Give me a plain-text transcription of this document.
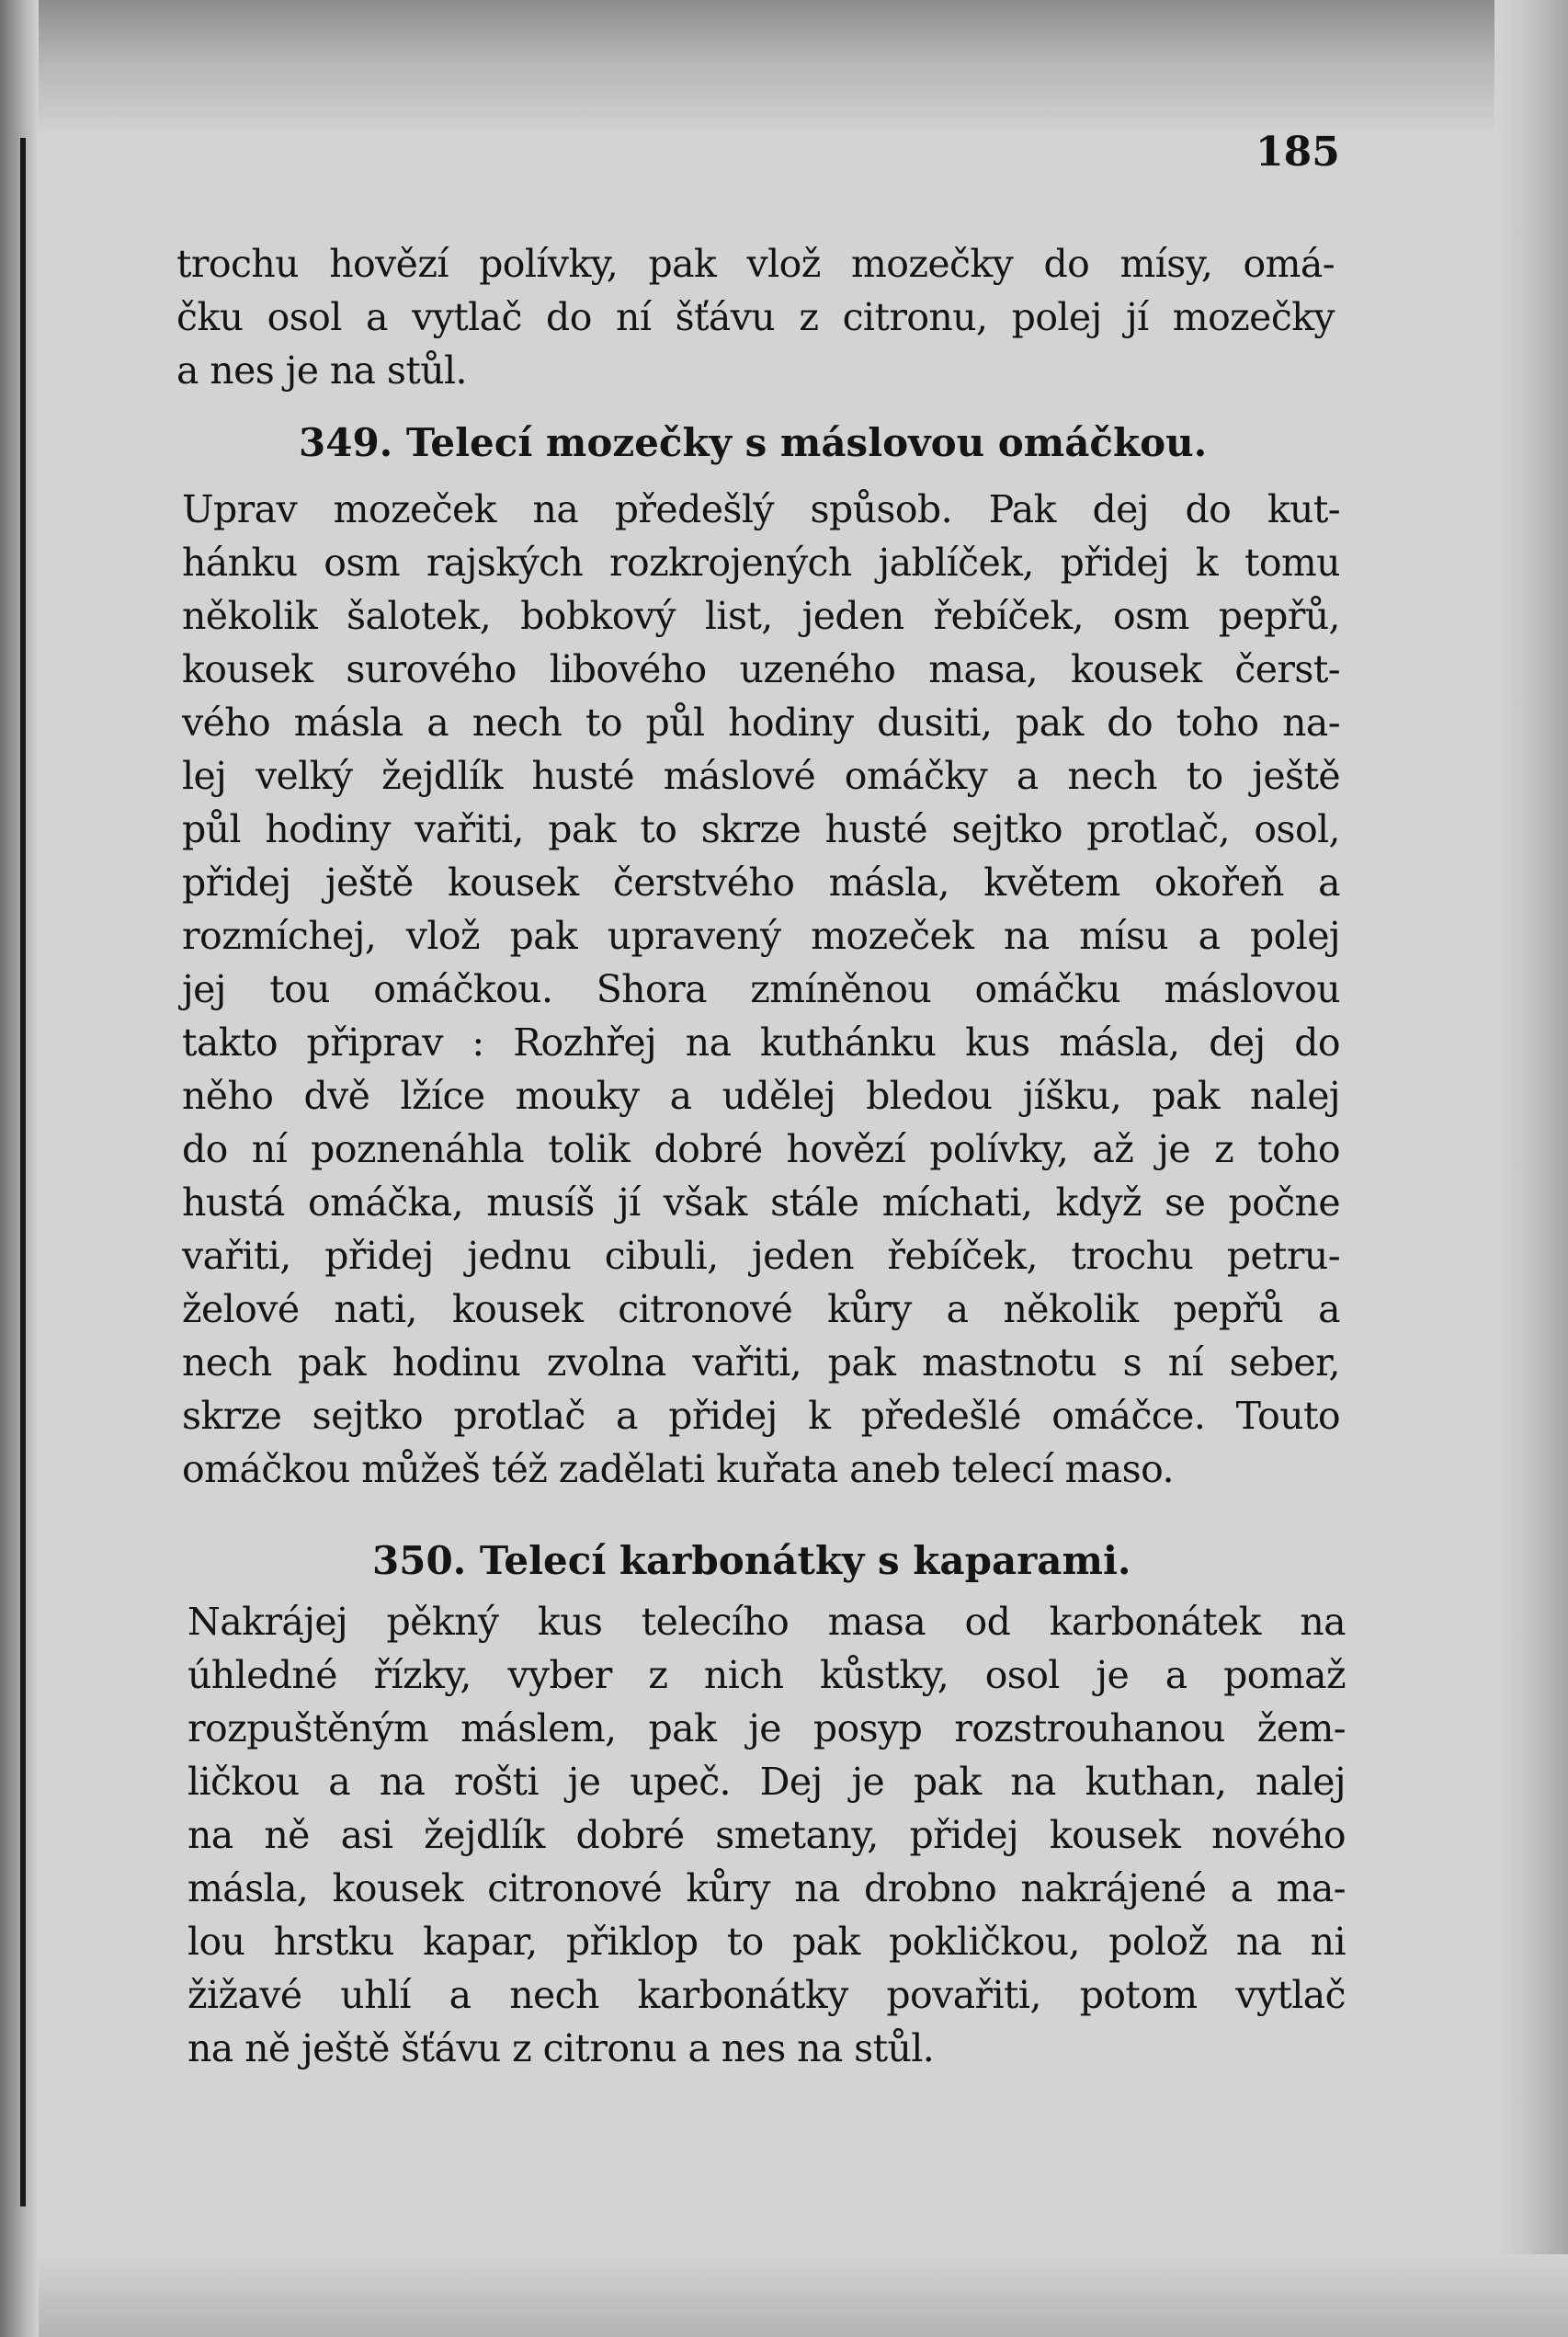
185
trochu hovězí polívky, pak vlož mozečky do mísy, omá-
čku osol a vytlač do ní šťávu z citronu, polej jí mozečky
a nes je na stůl.
349. Telecí mozečky s máslovou omáčkou.
Uprav mozeček na předešlý spůsob. Pak dej do kut-
hánku osm rajských rozkrojených jablíček, přidej k tomu
několik šalotek, bobkový list, jeden řebíček, osm pepřů,
kousek surového libového uzeného masa, kousek čerst-
vého másla a nech to půl hodiny dusiti, pak do toho na-
lej velký žejdlík husté máslové omáčky a nech to ještě
půl hodiny vařiti, pak to skrze husté sejtko protlač, osol,
přidej ještě kousek čerstvého másla, květem okořeň a
rozmíchej, vlož pak upravený mozeček na mísu a polej
jej tou omáčkou. Shora zmíněnou omáčku máslovou
takto připrav : Rozhřej na kuthánku kus másla, dej do
něho dvě lžíce mouky a udělej bledou jíšku, pak nalej
do ní poznenáhla tolik dobré hovězí polívky, až je z toho
hustá omáčka, musíš jí však stále míchati, když se počne
vařiti, přidej jednu cibuli, jeden řebíček, trochu petru-
želové nati, kousek citronové kůry a několik pepřů a
nech pak hodinu zvolna vařiti, pak mastnotu s ní seber,
skrze sejtko protlač a přidej k předešlé omáčce. Touto
omáčkou můžeš též zadělati kuřata aneb telecí maso.
350. Telecí karbonátky s kaparami.
Nakrájej pěkný kus telecího masa od karbonátek na
úhledné řízky, vyber z nich kůstky, osol je a pomaž
rozpuštěným máslem, pak je posyp rozstrouhanou žem-
ličkou a na rošti je upeč. Dej je pak na kuthan, nalej
na ně asi žejdlík dobré smetany, přidej kousek nového
másla, kousek citronové kůry na drobno nakrájené a ma-
lou hrstku kapar, přiklop to pak pokličkou, polož na ni
žižavé uhlí a nech karbonátky povařiti, potom vytlač
na ně ještě šťávu z citronu a nes na stůl.
